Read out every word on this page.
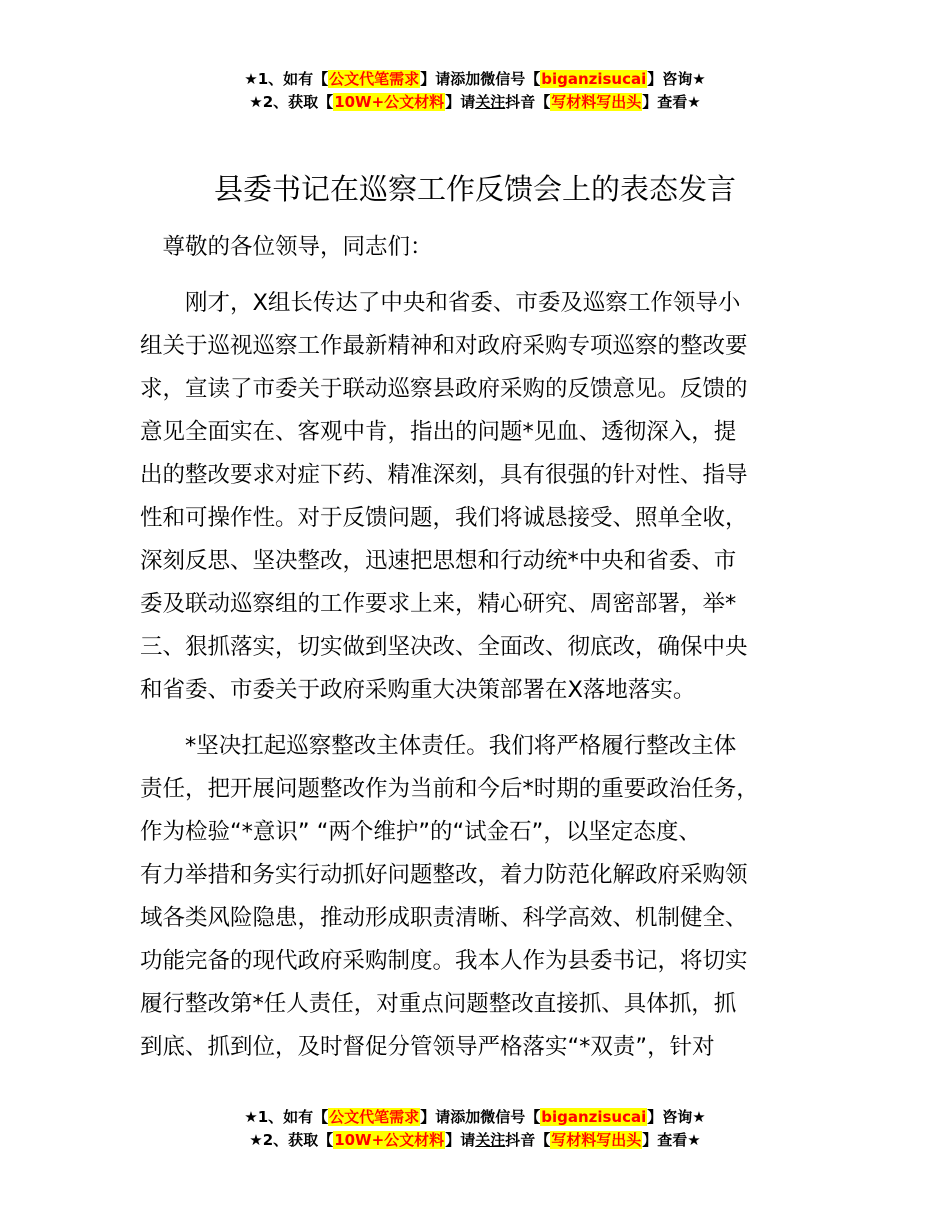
★1、如有【公文代笔需求】请添加微信号【biganzisucai】咨询★
★2、获取【10W+公文材料】请关注抖音【写材料写出头】查看★
县委书记在巡察工作反馈会上的表态发言
　尊敬的各位领导，同志们：

　　刚才，X组长传达了中央和省委、市委及巡察工作领导小
组关于巡视巡察工作最新精神和对政府采购专项巡察的整改要
求，宣读了市委关于联动巡察县政府采购的反馈意见。反馈的
意见全面实在、客观中肯，指出的问题*见血、透彻深入，提
出的整改要求对症下药、精准深刻，具有很强的针对性、指导
性和可操作性。对于反馈问题，我们将诚恳接受、照单全收，
深刻反思、坚决整改，迅速把思想和行动统*中央和省委、市
委及联动巡察组的工作要求上来，精心研究、周密部署，举*
三、狠抓落实，切实做到坚决改、全面改、彻底改，确保中央
和省委、市委关于政府采购重大决策部署在X落地落实。

　　*坚决扛起巡察整改主体责任。我们将严格履行整改主体
责任，把开展问题整改作为当前和今后*时期的重要政治任务，
作为检验“*意识” “两个维护”的“试金石”，以坚定态度、
有力举措和务实行动抓好问题整改，着力防范化解政府采购领
域各类风险隐患，推动形成职责清晰、科学高效、机制健全、
功能完备的现代政府采购制度。我本人作为县委书记，将切实
履行整改第*任人责任，对重点问题整改直接抓、具体抓，抓
到底、抓到位，及时督促分管领导严格落实“*双责”，针对

★1、如有【公文代笔需求】请添加微信号【biganzisucai】咨询★
★2、获取【10W+公文材料】请关注抖音【写材料写出头】查看★
